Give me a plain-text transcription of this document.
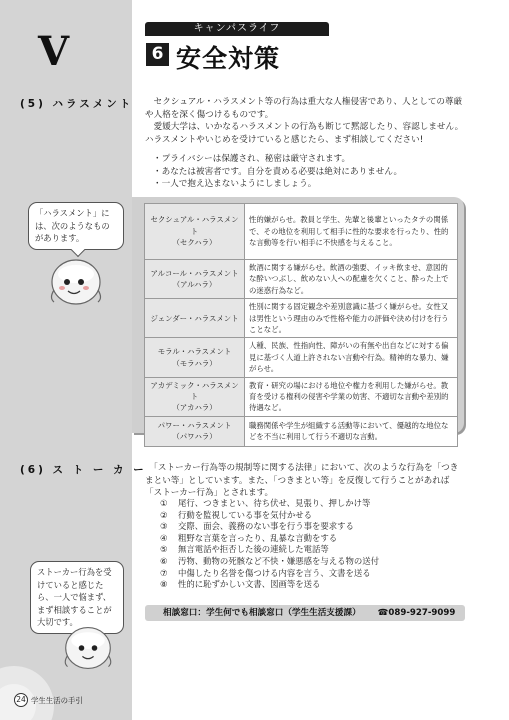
V
「ハラスメント」には、次のようなものがあります。
ストーカー行為を受けていると感じたら、一人で悩まず、まず相談することが大切です。
キャンパスライフ
6 安全対策
(5) ハラスメント 　セクシュアル・ハラスメント等の行為は重大な人権侵害であり、人としての尊厳や人格を深く傷つけるものです。
　愛媛大学は、いかなるハラスメントの行為も断じて黙認したり、容認しません。ハラスメントやいじめを受けていると感じたら、まず相談してください!
・プライバシーは保護され、秘密は厳守されます。
・あなたは被害者です。自分を責める必要は絶対にありません。
・一人で抱え込まないようにしましょう。
セクシュアル・ハラスメント
（セクハラ）	性的嫌がらせ。教員と学生、先輩と後輩といったタテの関係で、その地位を利用して相手に性的な要求を行ったり、性的な言動等を行い相手に不快感を与えること。

アルコール・ハラスメント
（アルハラ）	飲酒に関する嫌がらせ。飲酒の強要、イッキ飲ませ、意図的な酔いつぶし、飲めない人への配慮を欠くこと、酔った上での迷惑行為など。

ジェンダー・ハラスメント	性別に関する固定観念や差別意識に基づく嫌がらせ。女性又は男性という理由のみで性格や能力の評価や決め付けを行うことなど。

モラル・ハラスメント
（モラハラ）	人種、民族、性指向性、障がいの有無や出自などに対する偏見に基づく人道上許されない言動や行為。精神的な暴力、嫌がらせ。

アカデミック・ハラスメント
（アカハラ）	教育・研究の場における地位や権力を利用した嫌がらせ。教育を受ける権利の侵害や学業の妨害、不適切な言動や差別的待遇など。

パワー・ハラスメント
（パワハラ）	職務関係や学生が組織する活動等において、優越的な地位などを不当に利用して行う不適切な言動。
(6) ス ト ー カ ー
　「ストーカー行為等の規制等に関する法律」において、次のような行為を「つきまとい等」としています。また、「つきまとい等」を反復して行うことがあれば「ストーカー行為」とされます。
①	尾行、つきまとい、待ち伏せ、見張り、押しかけ等
②	行動を監視している事を気付かせる
③	交際、面会、義務のない事を行う事を要求する
④	粗野な言葉を言ったり、乱暴な言動をする
⑤	無言電話や拒否した後の連続した電話等
⑥	汚物、動物の死骸など不快・嫌悪感を与える物の送付
⑦	中傷したり名誉を傷つける内容を言う、文書を送る
⑧	性的に恥ずかしい文書、図画等を送る
相談窓口：学生何でも相談窓口（学生生活支援課） ☎089-927-9099
24 学生生活の手引
